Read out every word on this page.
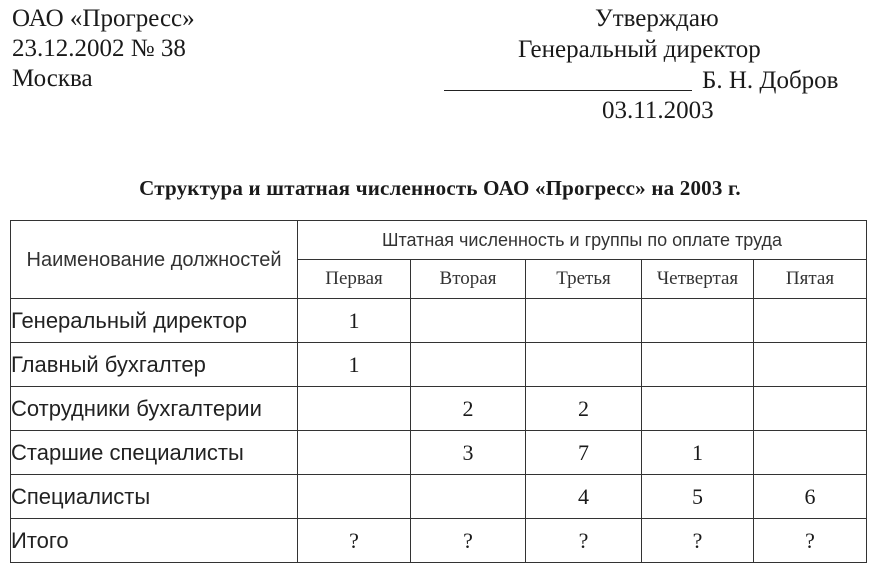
ОАО «Прогресс»
23.12.2002 № 38
Москва
Утверждаю
Генеральный директор
Б. Н. Добров
03.11.2003
Структура и штатная численность ОАО «Прогресс» на 2003 г.
Наименование должностей	Штатная численность и группы по оплате труда				
	Первая	Вторая	Третья	Четвертая	Пятая
Генеральный директор	1				
Главный бухгалтер	1				
Сотрудники бухгалтерии		2	2		
Старшие специалисты		3	7	1	
Специалисты			4	5	6
Итого	?	?	?	?	?
